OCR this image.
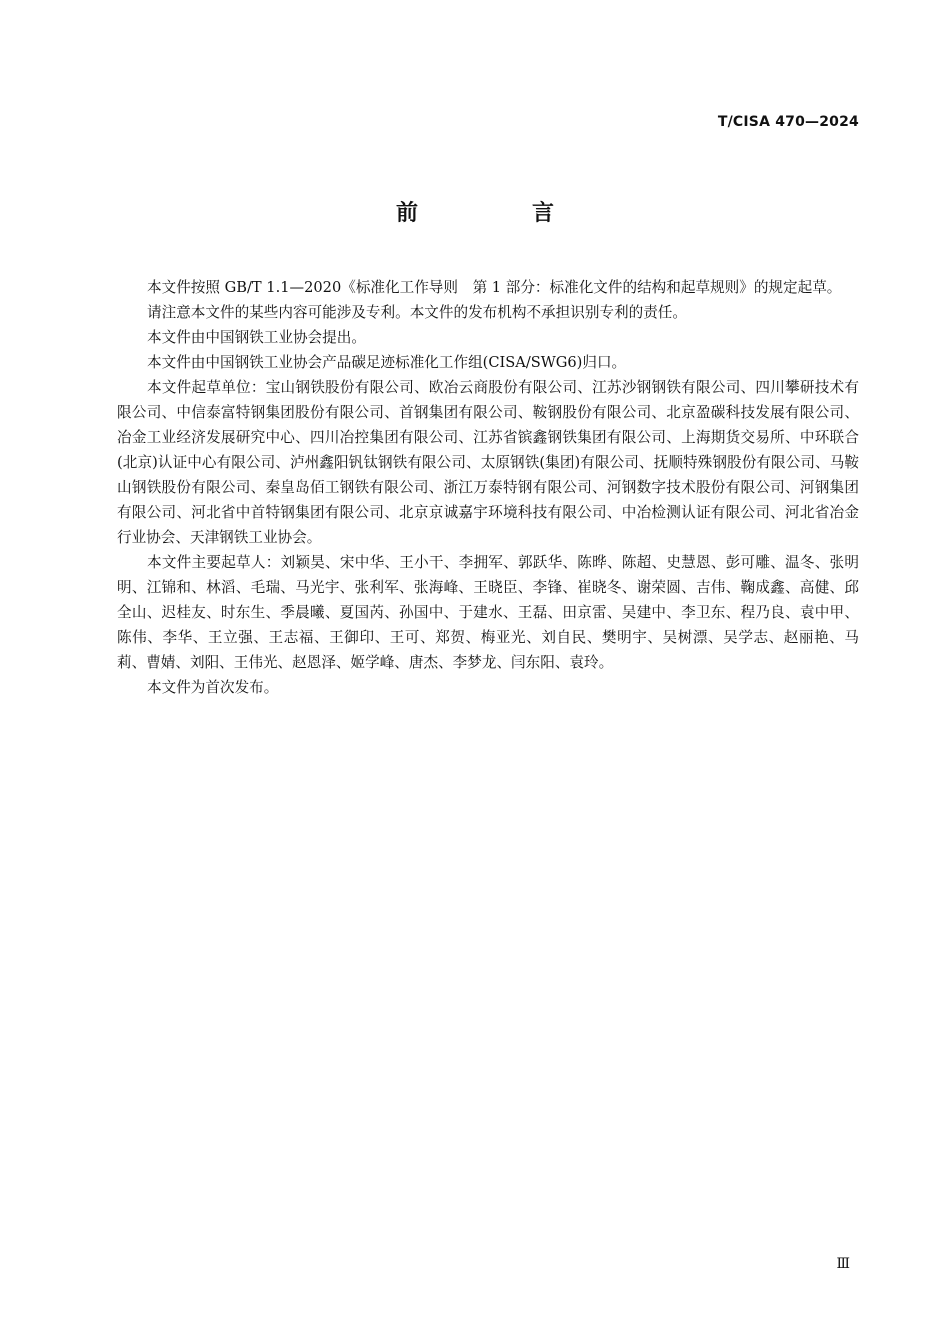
T/CISA 470—2024
前　言

本文件按照 GB/T 1.1—2020《标准化工作导则　第 1 部分：标准化文件的结构和起草规则》的规定起草。

请注意本文件的某些内容可能涉及专利。本文件的发布机构不承担识别专利的责任。

本文件由中国钢铁工业协会提出。

本文件由中国钢铁工业协会产品碳足迹标准化工作组(CISA/SWG6)归口。

本文件起草单位：宝山钢铁股份有限公司、欧冶云商股份有限公司、江苏沙钢钢铁有限公司、四川攀研技术有限公司、中信泰富特钢集团股份有限公司、首钢集团有限公司、鞍钢股份有限公司、北京盈碳科技发展有限公司、冶金工业经济发展研究中心、四川冶控集团有限公司、江苏省镔鑫钢铁集团有限公司、上海期货交易所、中环联合(北京)认证中心有限公司、泸州鑫阳钒钛钢铁有限公司、太原钢铁(集团)有限公司、抚顺特殊钢股份有限公司、马鞍山钢铁股份有限公司、秦皇岛佰工钢铁有限公司、浙江万泰特钢有限公司、河钢数字技术股份有限公司、河钢集团有限公司、河北省中首特钢集团有限公司、北京京诚嘉宇环境科技有限公司、中冶检测认证有限公司、河北省冶金行业协会、天津钢铁工业协会。

本文件主要起草人：刘颖昊、宋中华、王小干、李拥军、郭跃华、陈晔、陈超、史慧恩、彭可雕、温冬、张明明、江锦和、林滔、毛瑞、马光宇、张利军、张海峰、王晓臣、李锋、崔晓冬、谢荣圆、吉伟、鞠成鑫、高健、邱全山、迟桂友、时东生、季晨曦、夏国芮、孙国中、于建水、王磊、田京雷、吴建中、李卫东、程乃良、袁中甲、陈伟、李华、王立强、王志福、王御印、王可、郑贺、梅亚光、刘自民、樊明宇、吴树漂、吴学志、赵丽艳、马莉、曹婧、刘阳、王伟光、赵恩泽、姬学峰、唐杰、李梦龙、闫东阳、袁玲。

本文件为首次发布。

Ⅲ
